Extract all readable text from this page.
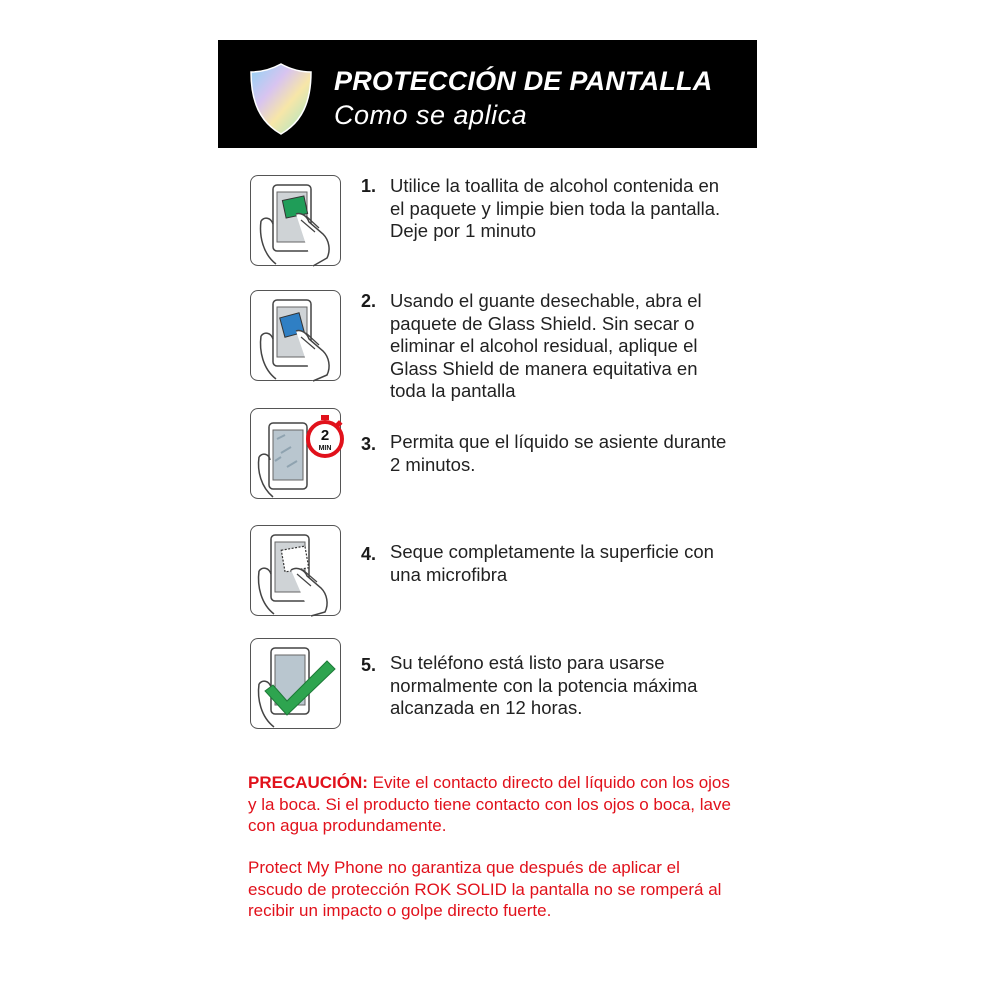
PROTECCIÓN DE PANTALLA
Como se aplica
1. Utilice la toallita de alcohol contenida en el paquete y limpie bien toda la pantalla. Deje por 1 minuto
2. Usando el guante desechable, abra el paquete de Glass Shield. Sin secar o eliminar el alcohol residual, aplique el Glass Shield de manera equitativa en toda la pantalla
2
MIN 3. Permita que el líquido se asiente durante 2 minutos.
4. Seque completamente la superficie con una microfibra
5. Su teléfono está listo para usarse normalmente con la potencia máxima alcanzada en 12 horas.
PRECAUCIÓN: Evite el contacto directo del líquido con los ojos y la boca. Si el producto tiene contacto con los ojos o boca, lave con agua produndamente.
Protect My Phone no garantiza que después de aplicar el escudo de protección ROK SOLID la pantalla no se romperá al recibir un impacto o golpe directo fuerte.
